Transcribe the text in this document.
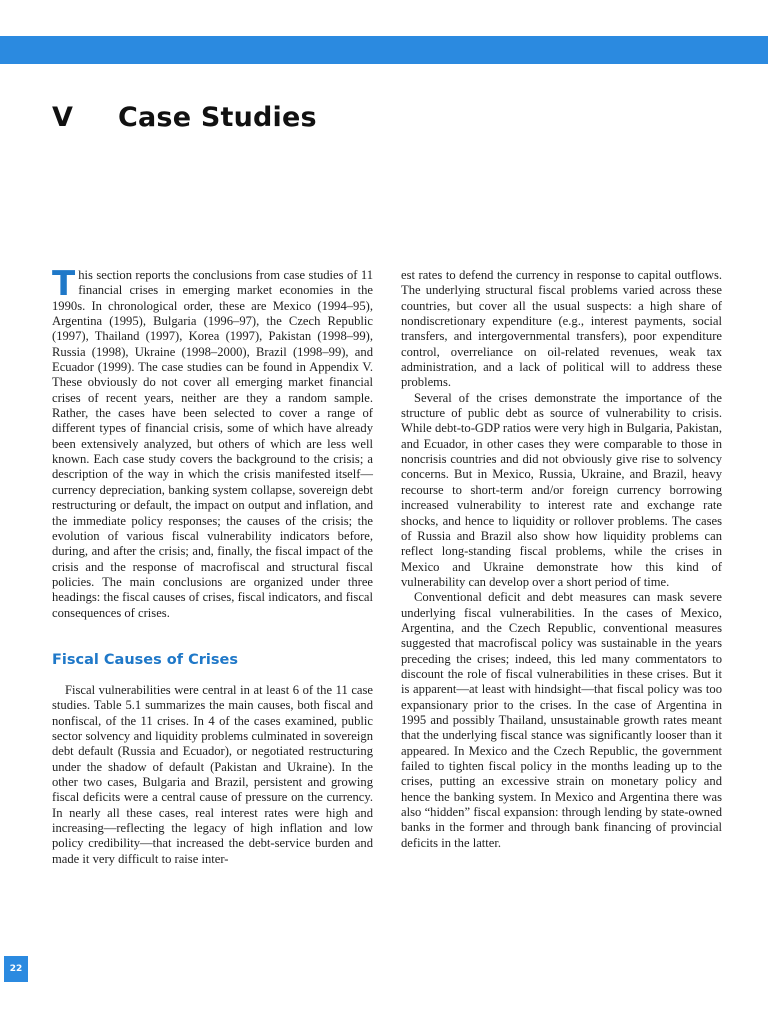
V Case Studies

This section reports the conclusions from case studies of 11 financial crises in emerging market economies in the 1990s. In chronological order, these are Mexico (1994–95), Argentina (1995), Bulgaria (1996–97), the Czech Republic (1997), Thailand (1997), Korea (1997), Pakistan (1998–99), Russia (1998), Ukraine (1998–2000), Brazil (1998–99), and Ecuador (1999). The case studies can be found in Appendix V. These obviously do not cover all emerging market financial crises of recent years, neither are they a random sample. Rather, the cases have been selected to cover a range of different types of financial crisis, some of which have already been extensively analyzed, but others of which are less well known. Each case study covers the background to the crisis; a description of the way in which the crisis manifested itself—currency depreciation, banking system collapse, sovereign debt restructuring or default, the impact on output and inflation, and the immediate policy responses; the causes of the crisis; the evolution of various fiscal vulnerability indicators before, during, and after the crisis; and, finally, the fiscal impact of the crisis and the response of macrofiscal and structural fiscal policies. The main conclusions are organized under three headings: the fiscal causes of crises, fiscal indicators, and fiscal consequences of crises.

Fiscal Causes of Crises

Fiscal vulnerabilities were central in at least 6 of the 11 case studies. Table 5.1 summarizes the main causes, both fiscal and nonfiscal, of the 11 crises. In 4 of the cases examined, public sector solvency and liquidity problems culminated in sovereign debt default (Russia and Ecuador), or negotiated restructuring under the shadow of default (Pakistan and Ukraine). In the other two cases, Bulgaria and Brazil, persistent and growing fiscal deficits were a central cause of pressure on the currency. In nearly all these cases, real interest rates were high and increasing—reflecting the legacy of high inflation and low policy credibility—that increased the debt-service burden and made it very difficult to raise inter-

est rates to defend the currency in response to capital outflows. The underlying structural fiscal problems varied across these countries, but cover all the usual suspects: a high share of nondiscretionary expenditure (e.g., interest payments, social transfers, and intergovernmental transfers), poor expenditure control, overreliance on oil-related revenues, weak tax administration, and a lack of political will to address these problems.

Several of the crises demonstrate the importance of the structure of public debt as source of vulnerability to crisis. While debt-to-GDP ratios were very high in Bulgaria, Pakistan, and Ecuador, in other cases they were comparable to those in noncrisis countries and did not obviously give rise to solvency concerns. But in Mexico, Russia, Ukraine, and Brazil, heavy recourse to short-term and/or foreign currency borrowing increased vulnerability to interest rate and exchange rate shocks, and hence to liquidity or rollover problems. The cases of Russia and Brazil also show how liquidity problems can reflect long-standing fiscal problems, while the crises in Mexico and Ukraine demonstrate how this kind of vulnerability can develop over a short period of time.

Conventional deficit and debt measures can mask severe underlying fiscal vulnerabilities. In the cases of Mexico, Argentina, and the Czech Republic, conventional measures suggested that macrofiscal policy was sustainable in the years preceding the crises; indeed, this led many commentators to discount the role of fiscal vulnerabilities in these crises. But it is apparent—at least with hindsight—that fiscal policy was too expansionary prior to the crises. In the case of Argentina in 1995 and possibly Thailand, unsustainable growth rates meant that the underlying fiscal stance was significantly looser than it appeared. In Mexico and the Czech Republic, the government failed to tighten fiscal policy in the months leading up to the crises, putting an excessive strain on monetary policy and hence the banking system. In Mexico and Argentina there was also “hidden” fiscal expansion: through lending by state-owned banks in the former and through bank financing of provincial deficits in the latter.

22
